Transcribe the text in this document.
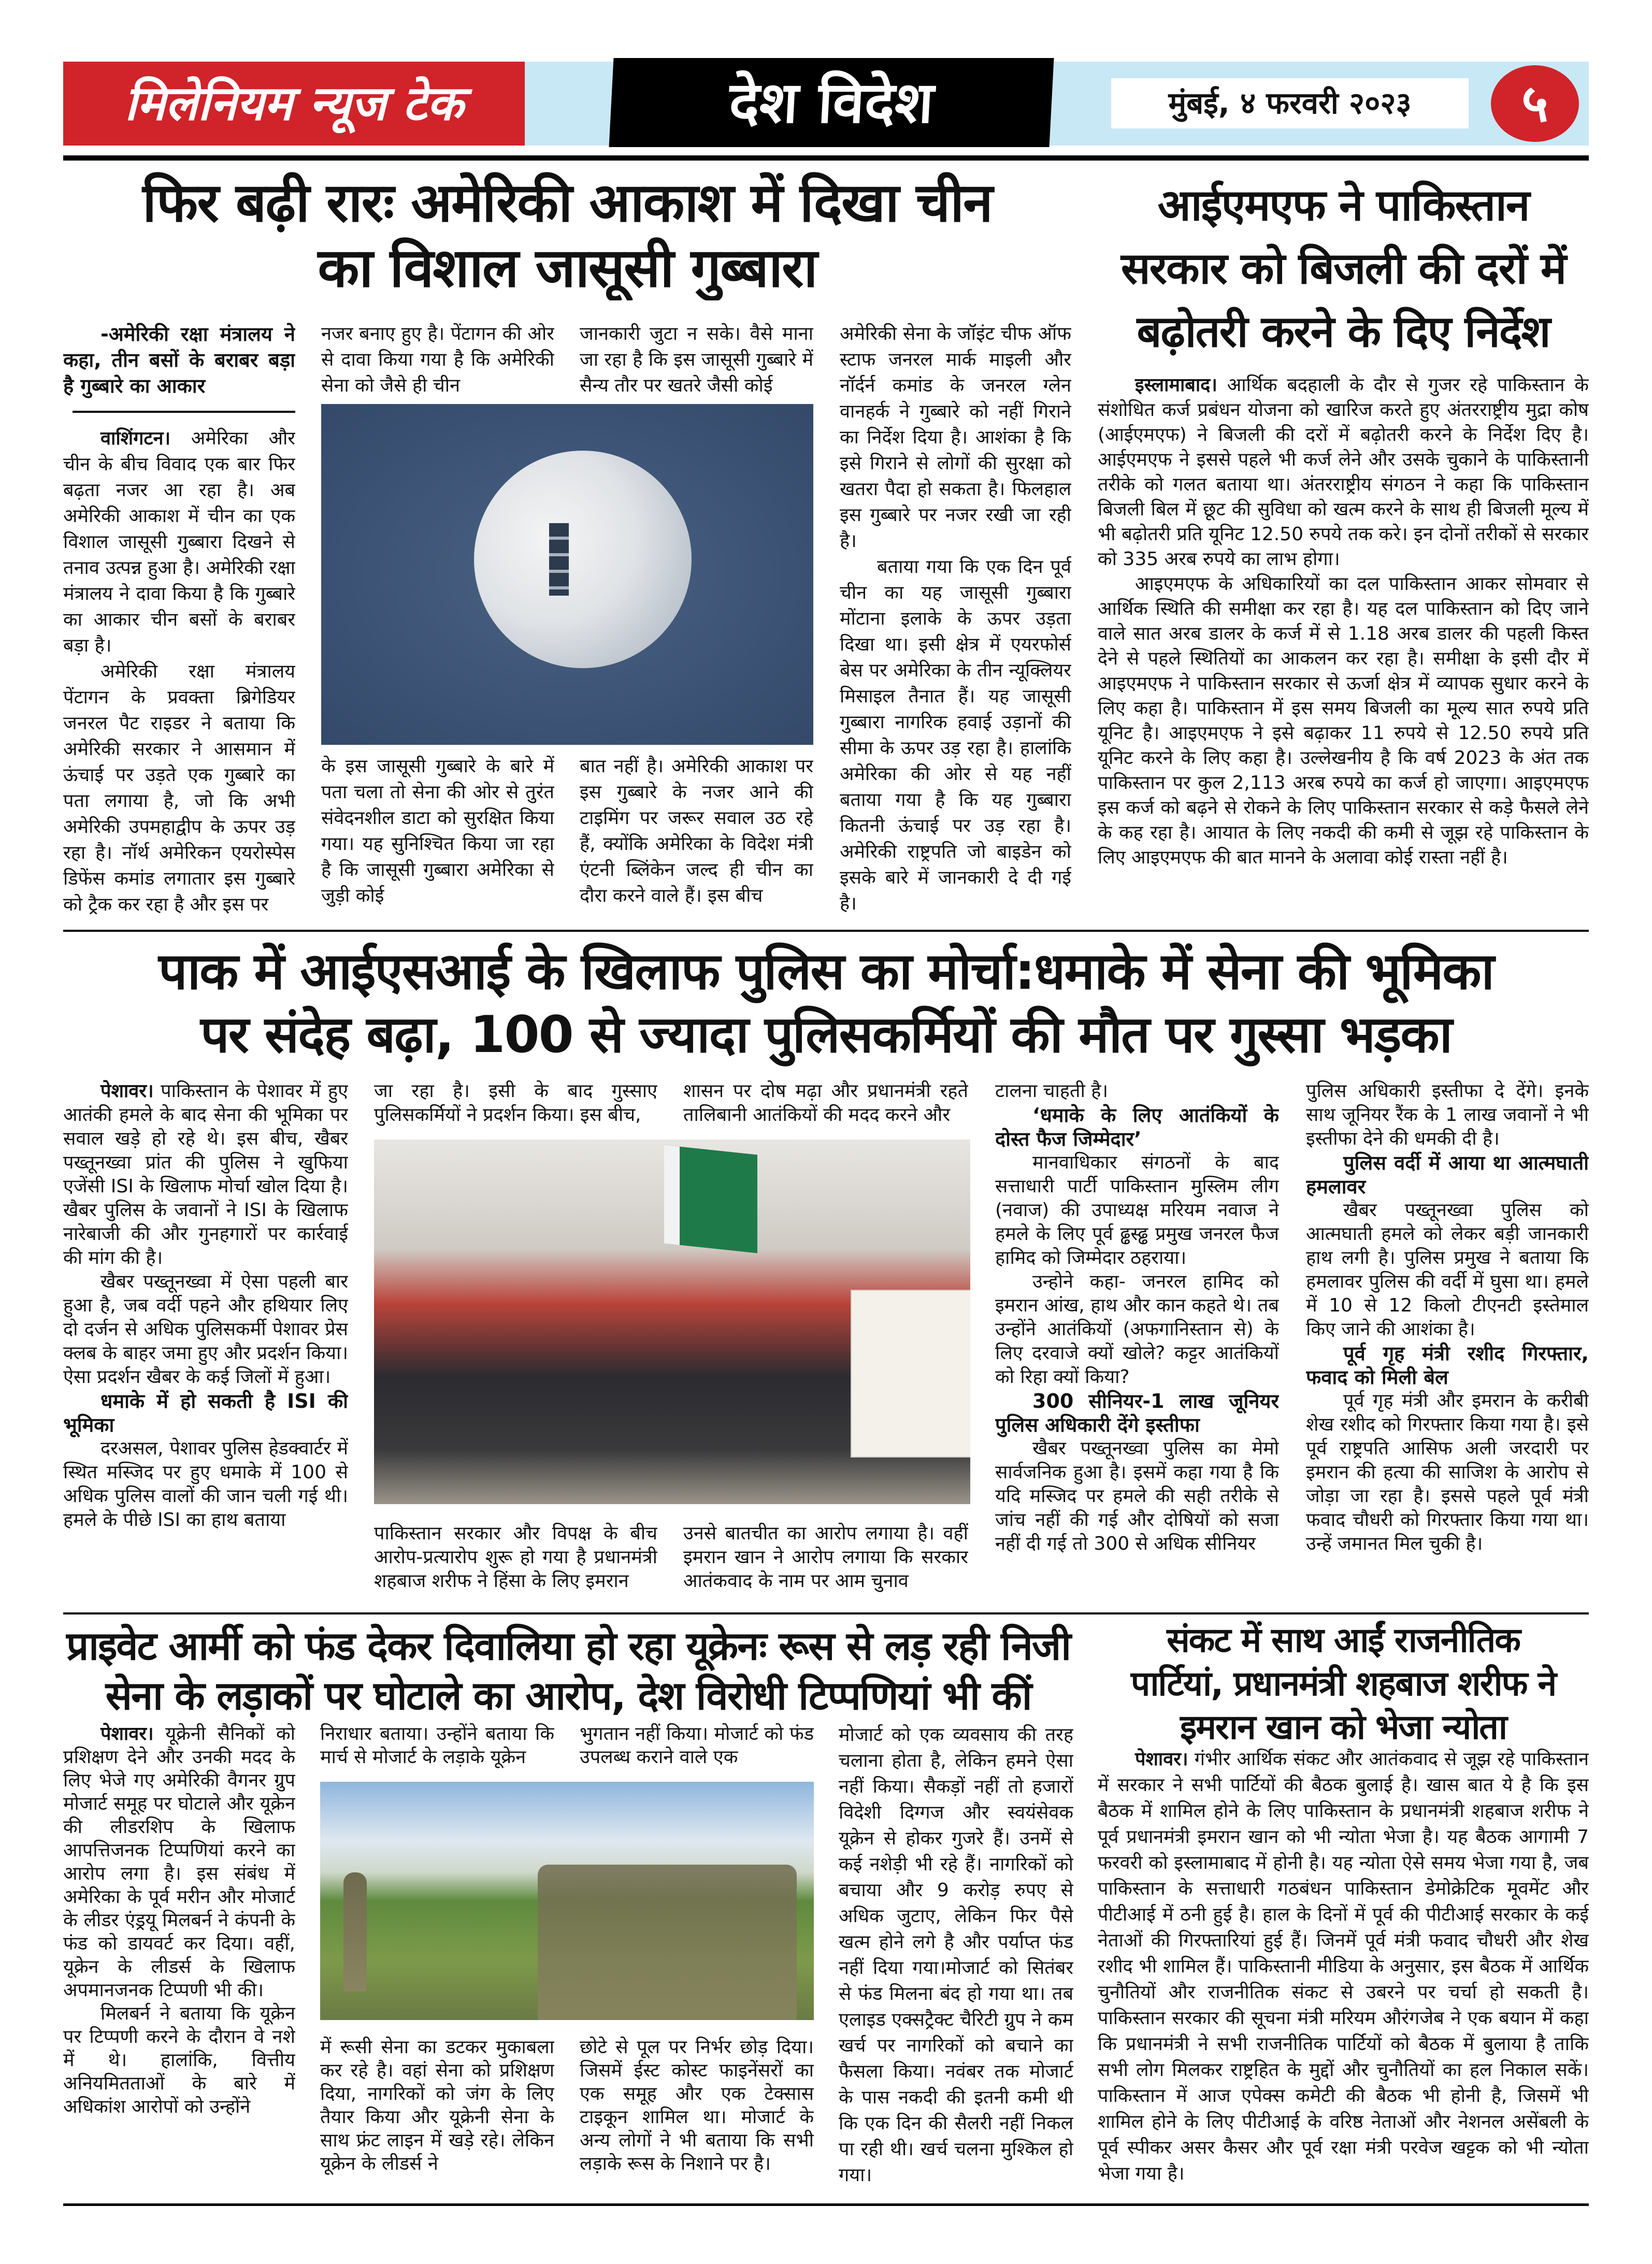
मिलेनियम न्यूज टेक	देश विदेश	मुंबई, ४ फरवरी २०२३	५
फिर बढ़ी रारः अमेरिकी आकाश में दिखा चीन
का विशाल जासूसी गुब्बारा
-अमेरिकी रक्षा मंत्रालय ने कहा, तीन बसों के बराबर बड़ा है गुब्बारे का आकार

वाशिंगटन। अमेरिका और चीन के बीच विवाद एक बार फिर बढ़ता नजर आ रहा है। अब अमेरिकी आकाश में चीन का एक विशाल जासूसी गुब्बारा दिखने से तनाव उत्पन्न हुआ है। अमेरिकी रक्षा मंत्रालय ने दावा किया है कि गुब्बारे का आकार चीन बसों के बराबर बड़ा है।

अमेरिकी रक्षा मंत्रालय पेंटागन के प्रवक्ता ब्रिगेडियर जनरल पैट राइडर ने बताया कि अमेरिकी सरकार ने आसमान में ऊंचाई पर उड़ते एक गुब्बारे का पता लगाया है, जो कि अभी अमेरिकी उपमहाद्वीप के ऊपर उड़ रहा है। नॉर्थ अमेरिकन एयरोस्पेस डिफेंस कमांड लगातार इस गुब्बारे को ट्रैक कर रहा है और इस पर

नजर बनाए हुए है। पेंटागन की ओर से दावा किया गया है कि अमेरिकी सेना को जैसे ही चीन

जानकारी जुटा न सके। वैसे माना जा रहा है कि इस जासूसी गुब्बारे में सैन्य तौर पर खतरे जैसी कोई

के इस जासूसी गुब्बारे के बारे में पता चला तो सेना की ओर से तुरंत संवेदनशील डाटा को सुरक्षित किया गया। यह सुनिश्चित किया जा रहा है कि जासूसी गुब्बारा अमेरिका से जुड़ी कोई

बात नहीं है। अमेरिकी आकाश पर इस गुब्बारे के नजर आने की टाइमिंग पर जरूर सवाल उठ रहे हैं, क्योंकि अमेरिका के विदेश मंत्री एंटनी ब्लिंकेन जल्द ही चीन का दौरा करने वाले हैं। इस बीच

अमेरिकी सेना के जॉइंट चीफ ऑफ स्टाफ जनरल मार्क माइली और नॉर्दर्न कमांड के जनरल ग्लेन वानहर्क ने गुब्बारे को नहीं गिराने का निर्देश दिया है। आशंका है कि इसे गिराने से लोगों की सुरक्षा को खतरा पैदा हो सकता है। फिलहाल इस गुब्बारे पर नजर रखी जा रही है।

बताया गया कि एक दिन पूर्व चीन का यह जासूसी गुब्बारा मोंटाना इलाके के ऊपर उड़ता दिखा था। इसी क्षेत्र में एयरफोर्स बेस पर अमेरिका के तीन न्यूक्लियर मिसाइल तैनात हैं। यह जासूसी गुब्बारा नागरिक हवाई उड़ानों की सीमा के ऊपर उड़ रहा है। हालांकि अमेरिका की ओर से यह नहीं बताया गया है कि यह गुब्बारा कितनी ऊंचाई पर उड़ रहा है। अमेरिकी राष्ट्रपति जो बाइडेन को इसके बारे में जानकारी दे दी गई है।

आईएमएफ ने पाकिस्तान
सरकार को बिजली की दरों में
बढ़ोतरी करने के दिए निर्देश

इस्लामाबाद। आर्थिक बदहाली के दौर से गुजर रहे पाकिस्तान के संशोधित कर्ज प्रबंधन योजना को खारिज करते हुए अंतरराष्ट्रीय मुद्रा कोष (आईएमएफ) ने बिजली की दरों में बढ़ोतरी करने के निर्देश दिए है। आईएमएफ ने इससे पहले भी कर्ज लेने और उसके चुकाने के पाकिस्तानी तरीके को गलत बताया था। अंतरराष्ट्रीय संगठन ने कहा कि पाकिस्तान बिजली बिल में छूट की सुविधा को खत्म करने के साथ ही बिजली मूल्य में भी बढ़ोतरी प्रति यूनिट 12.50 रुपये तक करे। इन दोनों तरीकों से सरकार को 335 अरब रुपये का लाभ होगा।

आइएमएफ के अधिकारियों का दल पाकिस्तान आकर सोमवार से आर्थिक स्थिति की समीक्षा कर रहा है। यह दल पाकिस्तान को दिए जाने वाले सात अरब डालर के कर्ज में से 1.18 अरब डालर की पहली किस्त देने से पहले स्थितियों का आकलन कर रहा है। समीक्षा के इसी दौर में आइएमएफ ने पाकिस्तान सरकार से ऊर्जा क्षेत्र में व्यापक सुधार करने के लिए कहा है। पाकिस्तान में इस समय बिजली का मूल्य सात रुपये प्रति यूनिट है। आइएमएफ ने इसे बढ़ाकर 11 रुपये से 12.50 रुपये प्रति यूनिट करने के लिए कहा है। उल्लेखनीय है कि वर्ष 2023 के अंत तक पाकिस्तान पर कुल 2,113 अरब रुपये का कर्ज हो जाएगा। आइएमएफ इस कर्ज को बढ़ने से रोकने के लिए पाकिस्तान सरकार से कड़े फैसले लेने के कह रहा है। आयात के लिए नकदी की कमी से जूझ रहे पाकिस्तान के लिए आइएमएफ की बात मानने के अलावा कोई रास्ता नहीं है।

पाक में आईएसआई के खिलाफ पुलिस का मोर्चा:धमाके में सेना की भूमिका
पर संदेह बढ़ा, 100 से ज्यादा पुलिसकर्मियों की मौत पर गुस्सा भड़का

पेशावर। पाकिस्तान के पेशावर में हुए आतंकी हमले के बाद सेना की भूमिका पर सवाल खड़े हो रहे थे। इस बीच, खैबर पख्तूनख्वा प्रांत की पुलिस ने खुफिया एजेंसी ISI के खिलाफ मोर्चा खोल दिया है। खैबर पुलिस के जवानों ने ISI के खिलाफ नारेबाजी की और गुनहगारों पर कार्रवाई की मांग की है।

खैबर पख्तूनख्वा में ऐसा पहली बार हुआ है, जब वर्दी पहने और हथियार लिए दो दर्जन से अधिक पुलिसकर्मी पेशावर प्रेस क्लब के बाहर जमा हुए और प्रदर्शन किया। ऐसा प्रदर्शन खैबर के कई जिलों में हुआ।

धमाके में हो सकती है ISI की भूमिका

दरअसल, पेशावर पुलिस हेडक्वार्टर में स्थित मस्जिद पर हुए धमाके में 100 से अधिक पुलिस वालों की जान चली गई थी। हमले के पीछे ISI का हाथ बताया

जा रहा है। इसी के बाद गुस्साए पुलिसकर्मियों ने प्रदर्शन किया। इस बीच,

शासन पर दोष मढ़ा और प्रधानमंत्री रहते तालिबानी आतंकियों की मदद करने और

पाकिस्तान सरकार और विपक्ष के बीच आरोप-प्रत्यारोप शुरू हो गया है प्रधानमंत्री शहबाज शरीफ ने हिंसा के लिए इमरान

उनसे बातचीत का आरोप लगाया है। वहीं इमरान खान ने आरोप लगाया कि सरकार आतंकवाद के नाम पर आम चुनाव

टालना चाहती है।

‘धमाके के लिए आतंकियों के दोस्त फैज जिम्मेदार’

मानवाधिकार संगठनों के बाद सत्ताधारी पार्टी पाकिस्तान मुस्लिम लीग (नवाज) की उपाध्यक्ष मरियम नवाज ने हमले के लिए पूर्व ढ्ढस्ढ्ढ प्रमुख जनरल फैज हामिद को जिम्मेदार ठहराया।

उन्होने कहा- जनरल हामिद को इमरान आंख, हाथ और कान कहते थे। तब उन्होंने आतंकियों (अफगानिस्तान से) के लिए दरवाजे क्यों खोले? कट्टर आतंकियों को रिहा क्यों किया?

300 सीनियर-1 लाख जूनियर पुलिस अधिकारी देंगे इस्तीफा

खैबर पख्तूनख्वा पुलिस का मेमो सार्वजनिक हुआ है। इसमें कहा गया है कि यदि मस्जिद पर हमले की सही तरीके से जांच नहीं की गई और दोषियों को सजा नहीं दी गई तो 300 से अधिक सीनियर

पुलिस अधिकारी इस्तीफा दे देंगे। इनके साथ जूनियर रैंक के 1 लाख जवानों ने भी इस्तीफा देने की धमकी दी है।

पुलिस वर्दी में आया था आत्मघाती हमलावर

खैबर पख्तूनख्वा पुलिस को आत्मघाती हमले को लेकर बड़ी जानकारी हाथ लगी है। पुलिस प्रमुख ने बताया कि हमलावर पुलिस की वर्दी में घुसा था। हमले में 10 से 12 किलो टीएनटी इस्तेमाल किए जाने की आशंका है।

पूर्व गृह मंत्री रशीद गिरफ्तार, फवाद को मिली बेल

पूर्व गृह मंत्री और इमरान के करीबी शेख रशीद को गिरफ्तार किया गया है। इसे पूर्व राष्ट्रपति आसिफ अली जरदारी पर इमरान की हत्या की साजिश के आरोप से जोड़ा जा रहा है। इससे पहले पूर्व मंत्री फवाद चौधरी को गिरफ्तार किया गया था। उन्हें जमानत मिल चुकी है।

प्राइवेट आर्मी को फंड देकर दिवालिया हो रहा यूक्रेनः रूस से लड़ रही निजी
सेना के लड़ाकों पर घोटाले का आरोप, देश विरोधी टिप्पणियां भी कीं

पेशावर। यूक्रेनी सैनिकों को प्रशिक्षण देने और उनकी मदद के लिए भेजे गए अमेरिकी वैगनर ग्रुप मोजार्ट समूह पर घोटाले और यूक्रेन की लीडरशिप के खिलाफ आपत्तिजनक टिप्पणियां करने का आरोप लगा है। इस संबंध में अमेरिका के पूर्व मरीन और मोजार्ट के लीडर एंड्रयू मिलबर्न ने कंपनी के फंड को डायवर्ट कर दिया। वहीं, यूक्रेन के लीडर्स के खिलाफ अपमानजनक टिप्पणी भी की।

मिलबर्न ने बताया कि यूक्रेन पर टिप्पणी करने के दौरान वे नशे में थे। हालांकि, वित्तीय अनियमितताओं के बारे में अधिकांश आरोपों को उन्होंने

निराधार बताया। उन्होंने बताया कि मार्च से मोजार्ट के लड़ाके यूक्रेन

भुगतान नहीं किया। मोजार्ट को फंड उपलब्ध कराने वाले एक

में रूसी सेना का डटकर मुकाबला कर रहे है। वहां सेना को प्रशिक्षण दिया, नागरिकों को जंग के लिए तैयार किया और यूक्रेनी सेना के साथ फ्रंट लाइन में खड़े रहे। लेकिन यूक्रेन के लीडर्स ने

छोटे से पूल पर निर्भर छोड़ दिया। जिसमें ईस्ट कोस्ट फाइनेंसरों का एक समूह और एक टेक्सास टाइकून शामिल था। मोजार्ट के अन्य लोगों ने भी बताया कि सभी लड़ाके रूस के निशाने पर है।

मोजार्ट को एक व्यवसाय की तरह चलाना होता है, लेकिन हमने ऐसा नहीं किया। सैकड़ों नहीं तो हजारों विदेशी दिग्गज और स्वयंसेवक यूक्रेन से होकर गुजरे हैं। उनमें से कई नशेड़ी भी रहे हैं। नागरिकों को बचाया और 9 करोड़ रुपए से अधिक जुटाए, लेकिन फिर पैसे खत्म होने लगे है और पर्याप्त फंड नहीं दिया गया।मोजार्ट को सितंबर से फंड मिलना बंद हो गया था। तब एलाइड एक्सट्रैक्ट चैरिटी ग्रुप ने कम खर्च पर नागरिकों को बचाने का फैसला किया। नवंबर तक मोजार्ट के पास नकदी की इतनी कमी थी कि एक दिन की सैलरी नहीं निकल पा रही थी। खर्च चलना मुश्किल हो गया।

संकट में साथ आईं राजनीतिक
पार्टियां, प्रधानमंत्री शहबाज शरीफ ने
इमरान खान को भेजा न्योता

पेशावर। गंभीर आर्थिक संकट और आतंकवाद से जूझ रहे पाकिस्तान में सरकार ने सभी पार्टियों की बैठक बुलाई है। खास बात ये है कि इस बैठक में शामिल होने के लिए पाकिस्तान के प्रधानमंत्री शहबाज शरीफ ने पूर्व प्रधानमंत्री इमरान खान को भी न्योता भेजा है। यह बैठक आगामी 7 फरवरी को इस्लामाबाद में होनी है। यह न्योता ऐसे समय भेजा गया है, जब पाकिस्तान के सत्ताधारी गठबंधन पाकिस्तान डेमोक्रेटिक मूवमेंट और पीटीआई में ठनी हुई है। हाल के दिनों में पूर्व की पीटीआई सरकार के कई नेताओं की गिरफ्तारियां हुई हैं। जिनमें पूर्व मंत्री फवाद चौधरी और शेख रशीद भी शामिल हैं। पाकिस्तानी मीडिया के अनुसार, इस बैठक में आर्थिक चुनौतियों और राजनीतिक संकट से उबरने पर चर्चा हो सकती है। पाकिस्तान सरकार की सूचना मंत्री मरियम औरंगजेब ने एक बयान में कहा कि प्रधानमंत्री ने सभी राजनीतिक पार्टियों को बैठक में बुलाया है ताकि सभी लोग मिलकर राष्ट्रहित के मुद्दों और चुनौतियों का हल निकाल सकें। पाकिस्तान में आज एपेक्स कमेटी की बैठक भी होनी है, जिसमें भी शामिल होने के लिए पीटीआई के वरिष्ठ नेताओं और नेशनल असेंबली के पूर्व स्पीकर असर कैसर और पूर्व रक्षा मंत्री परवेज खट्टक को भी न्योता भेजा गया है।
